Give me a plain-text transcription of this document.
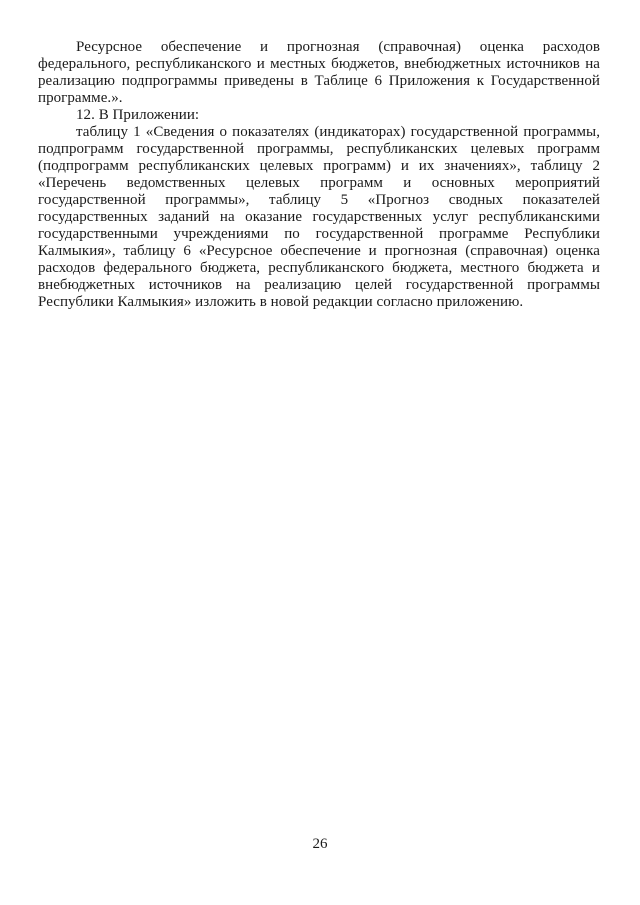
Ресурсное обеспечение и прогнозная (справочная) оценка расходов федерального, республиканского и местных бюджетов, внебюджетных источников на реализацию подпрограммы приведены в Таблице 6 Приложения к Государственной программе.».

12. В Приложении:

таблицу 1 «Сведения о показателях (индикаторах) государственной программы, подпрограмм государственной программы, республиканских целевых программ (подпрограмм республиканских целевых программ) и их значениях», таблицу 2 «Перечень ведомственных целевых программ и основных мероприятий государственной программы», таблицу 5 «Прогноз сводных показателей государственных заданий на оказание государственных услуг республиканскими государственными учреждениями по государственной программе Республики Калмыкия», таблицу 6 «Ресурсное обеспечение и прогнозная (справочная) оценка расходов федерального бюджета, республиканского бюджета, местного бюджета и внебюджетных источников на реализацию целей государственной программы Республики Калмыкия» изложить в новой редакции согласно приложению.

26
